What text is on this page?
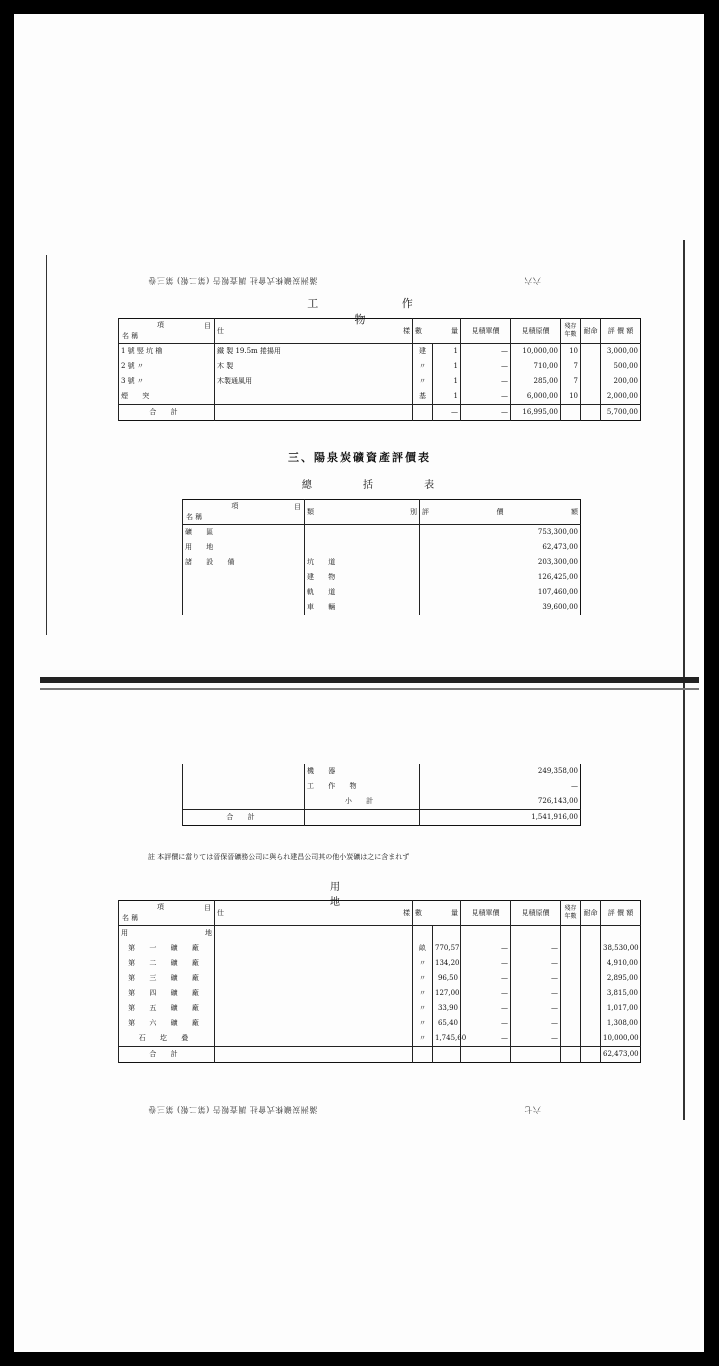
滿洲炭礦株式會社 調査報告 (第二報) 第三卷	六六
工 作 物
目
項
名 稱	仕 樣	數 量		見積單價	見積原價	殘存年數	耐命	評 價 額
1 號 竪 坑 櫓	鐵 製 19.5m 捲揚用	建	1	—	10,000,00	10		3,000,00
2 號 〃	木 製	〃	1	—	710,00	7		500,00
3 號 〃	木製通風用	〃	1	—	285,00	7		200,00
煙 突		基	1	—	6,000,00	10		2,000,00
合 計			—	—	16,995,00			5,700,00
三、陽泉炭礦資產評價表
總 括 表
目
項
名 稱	類 別	評 價 額

礦 區		753,300,00
用 地		62,473,00
諸 設 備	坑 道	203,300,00
	建 物	126,425,00
	軌 道	107,460,00
	車 輛	39,600,00
	機 器	249,358,00
	工 作 物	—
	小 計	726,143,00
合 計		1,541,916,00
註 本評價に當りては晉保晉礦務公司に與られ建昌公司其の他小炭礦は之に含まれず
用 地
目
項
名 稱	仕 樣	數 量		見積單價	見積原價	殘存年數	耐命	評 價 額

用 地								

第 一 礦 廠		畝	770,57	—	—			38,530,00
第 二 礦 廠		〃	134,20	—	—			4,910,00
第 三 礦 廠		〃	96,50	—	—			2,895,00
第 四 礦 廠		〃	127,00	—	—			3,815,00
第 五 礦 廠		〃	33,90	—	—			1,017,00
第 六 礦 廠		〃	65,40	—	—			1,308,00
石 圪 叠		〃	1,745,60	—	—			10,000,00
合 計								62,473,00
滿洲炭礦株式會社 調査報告 (第二報) 第三卷	六七
